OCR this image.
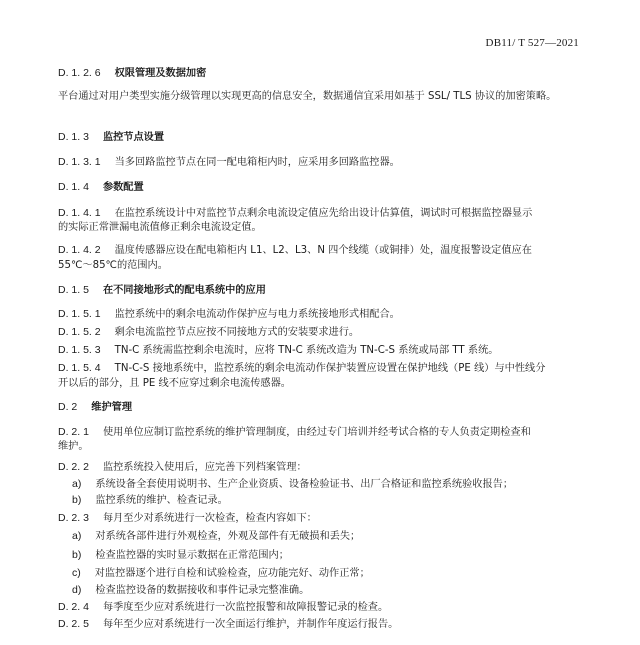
DB11/ T 527—2021
D. 1. 2. 6 权限管理及数据加密
平台通过对用户类型实施分级管理以实现更高的信息安全，数据通信宜采用如基于 SSL/ TLS 协议的加密策略。
D. 1. 3 监控节点设置
D. 1. 3. 1 当多回路监控节点在同一配电箱柜内时，应采用多回路监控器。
D. 1. 4 参数配置
D. 1. 4. 1 在监控系统设计中对监控节点剩余电流设定值应先给出设计估算值，调试时可根据监控器显示
的实际正常泄漏电流值修正剩余电流设定值。
D. 1. 4. 2 温度传感器应设在配电箱柜内 L1、L2、L3、N 四个线缆（或铜排）处，温度报警设定值应在
55℃～85℃的范围内。
D. 1. 5 在不同接地形式的配电系统中的应用
D. 1. 5. 1 监控系统中的剩余电流动作保护应与电力系统接地形式相配合。
D. 1. 5. 2 剩余电流监控节点应按不同接地方式的安装要求进行。
D. 1. 5. 3 TN-C 系统需监控剩余电流时，应将 TN-C 系统改造为 TN-C-S 系统或局部 TT 系统。
D. 1. 5. 4 TN-C-S 接地系统中，监控系统的剩余电流动作保护装置应设置在保护地线（PE 线）与中性线分
开以后的部分，且 PE 线不应穿过剩余电流传感器。
D. 2 维护管理
D. 2. 1 使用单位应制订监控系统的维护管理制度，由经过专门培训并经考试合格的专人负责定期检查和
维护。
D. 2. 2 监控系统投入使用后，应完善下列档案管理：
a) 系统设备全套使用说明书、生产企业资质、设备检验证书、出厂合格证和监控系统验收报告；
b) 监控系统的维护、检查记录。
D. 2. 3 每月至少对系统进行一次检查，检查内容如下：
a) 对系统各部件进行外观检查，外观及部件有无破损和丢失；
b) 检查监控器的实时显示数据在正常范围内；
c) 对监控器逐个进行自检和试验检查，应功能完好、动作正常；
d) 检查监控设备的数据接收和事件记录完整准确。
D. 2. 4 每季度至少应对系统进行一次监控报警和故障报警记录的检查。
D. 2. 5 每年至少应对系统进行一次全面运行维护，并制作年度运行报告。
